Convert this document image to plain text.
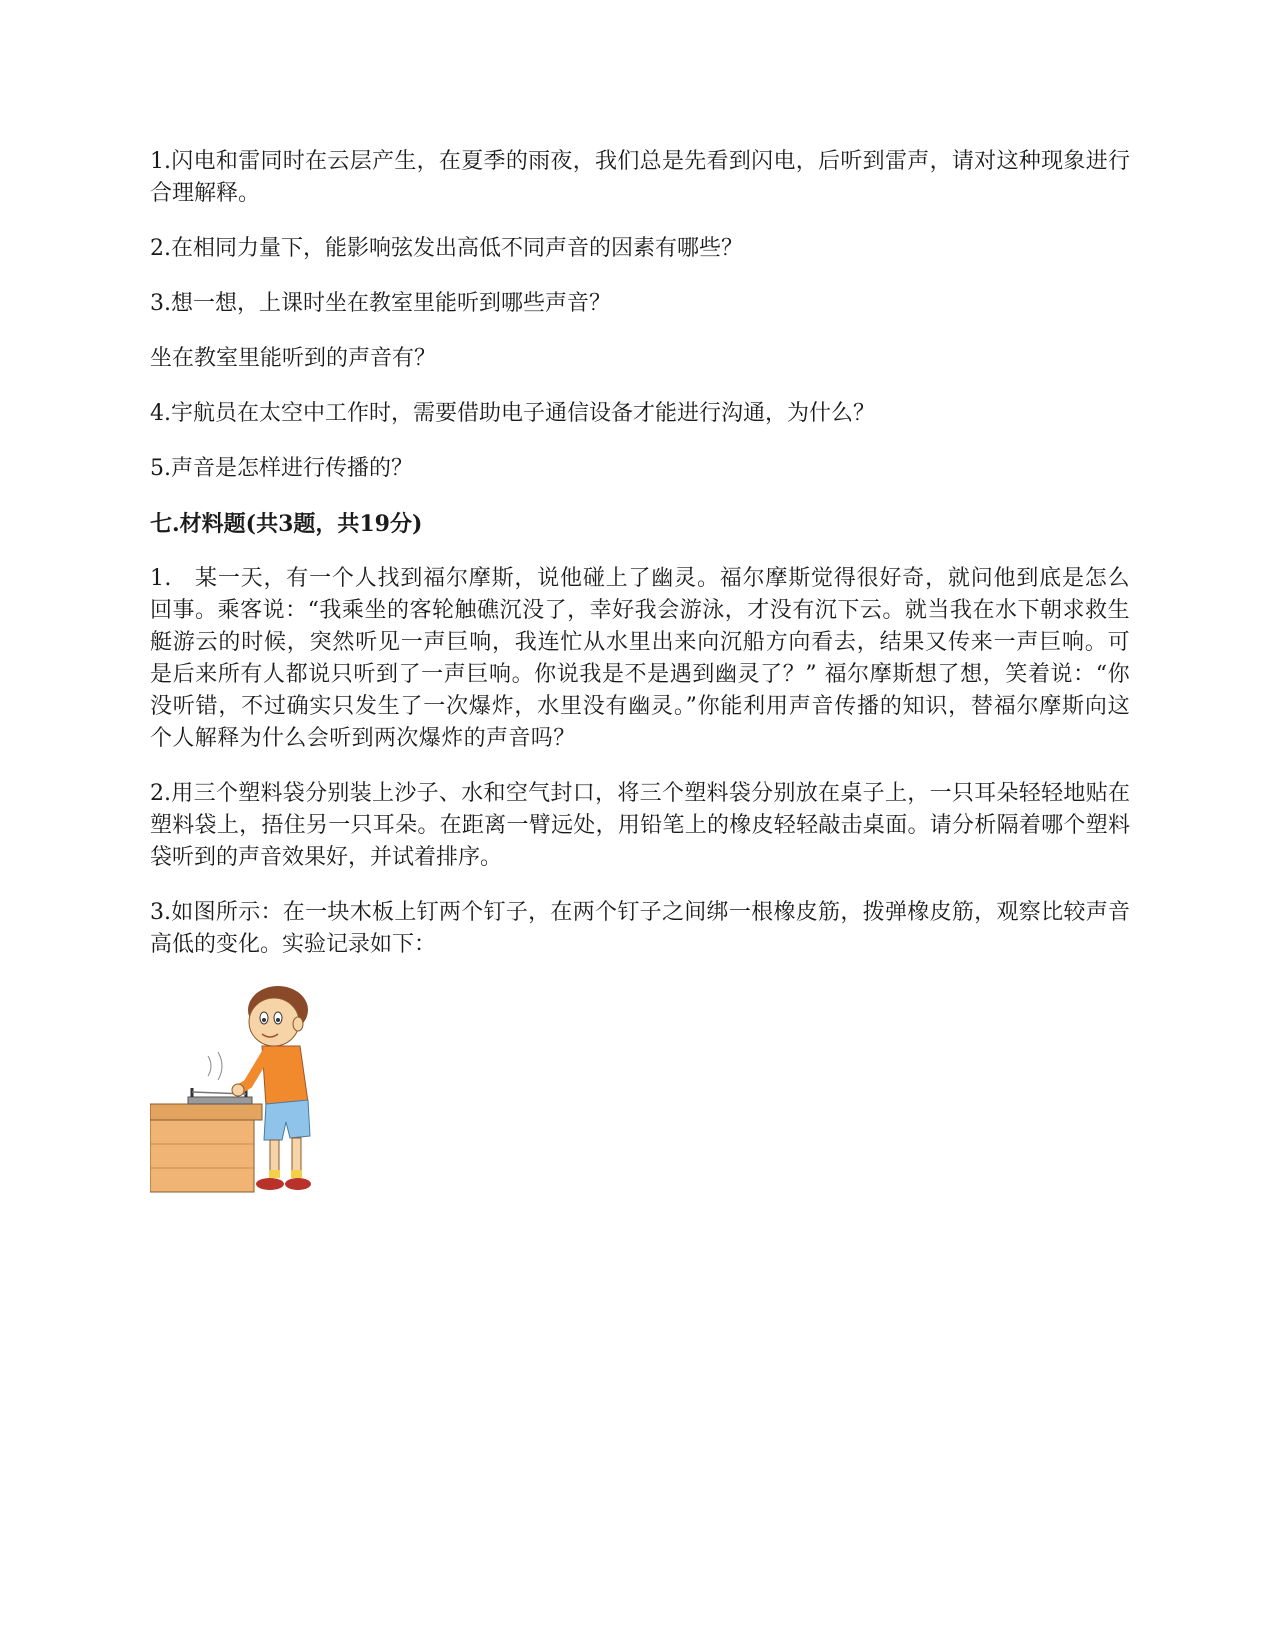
1.闪电和雷同时在云层产生，在夏季的雨夜，我们总是先看到闪电，后听到雷声，请对这种现象进行合理解释。

2.在相同力量下，能影响弦发出高低不同声音的因素有哪些？

3.想一想，上课时坐在教室里能听到哪些声音？

坐在教室里能听到的声音有？

4.宇航员在太空中工作时，需要借助电子通信设备才能进行沟通，为什么？

5.声音是怎样进行传播的？

七.材料题(共3题，共19分)

1.　某一天，有一个人找到福尔摩斯，说他碰上了幽灵。福尔摩斯觉得很好奇，就问他到底是怎么回事。乘客说：“我乘坐的客轮触礁沉没了，幸好我会游泳，才没有沉下云。就当我在水下朝求救生艇游云的时候，突然听见一声巨响，我连忙从水里出来向沉船方向看去，结果又传来一声巨响。可是后来所有人都说只听到了一声巨响。你说我是不是遇到幽灵了？” 福尔摩斯想了想，笑着说：“你没听错，不过确实只发生了一次爆炸，水里没有幽灵。”你能利用声音传播的知识，替福尔摩斯向这个人解释为什么会听到两次爆炸的声音吗？

2.用三个塑料袋分别装上沙子、水和空气封口，将三个塑料袋分别放在桌子上，一只耳朵轻轻地贴在塑料袋上，捂住另一只耳朵。在距离一臂远处，用铅笔上的橡皮轻轻敲击桌面。请分析隔着哪个塑料袋听到的声音效果好，并试着排序。

3.如图所示：在一块木板上钉两个钉子，在两个钉子之间绑一根橡皮筋，拨弹橡皮筋，观察比较声音高低的变化。实验记录如下：
